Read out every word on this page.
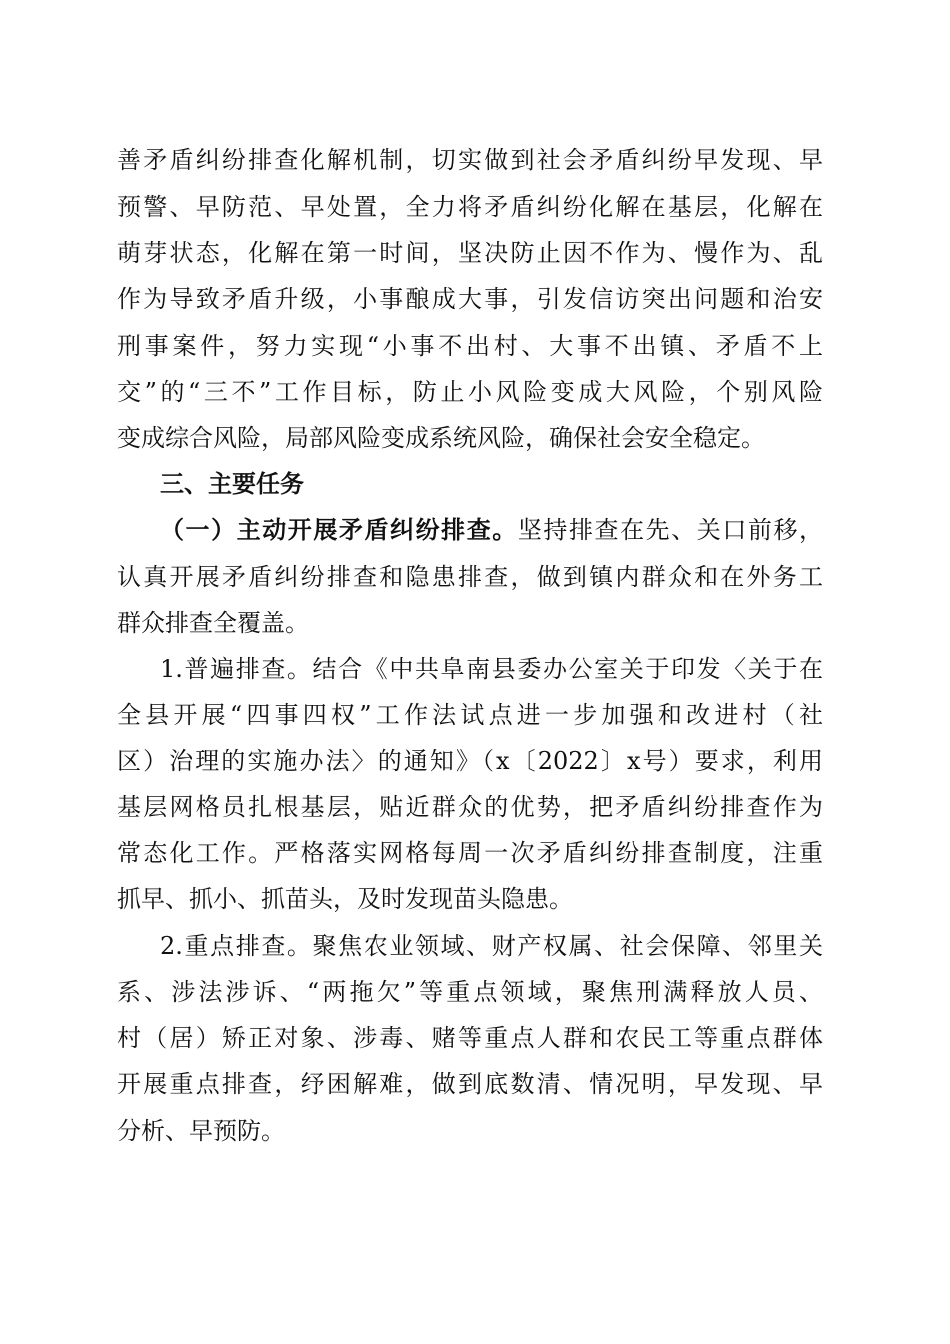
善矛盾纠纷排查化解机制，切实做到社会矛盾纠纷早发现、早
预警、早防范、早处置，全力将矛盾纠纷化解在基层，化解在
萌芽状态，化解在第一时间，坚决防止因不作为、慢作为、乱
作为导致矛盾升级，小事酿成大事，引发信访突出问题和治安
刑事案件，努力实现“小事不出村、大事不出镇、矛盾不上
交”的“三不”工作目标，防止小风险变成大风险，个别风险
变成综合风险，局部风险变成系统风险，确保社会安全稳定。
三、主要任务
（一）主动开展矛盾纠纷排查。坚持排查在先、关口前移，
认真开展矛盾纠纷排查和隐患排查，做到镇内群众和在外务工
群众排查全覆盖。
1.普遍排查。结合《中共阜南县委办公室关于印发〈关于在
全县开展“四事四权”工作法试点进一步加强和改进村（社
区）治理的实施办法〉的通知》（x〔2022〕x号）要求，利用
基层网格员扎根基层，贴近群众的优势，把矛盾纠纷排查作为
常态化工作。严格落实网格每周一次矛盾纠纷排查制度，注重
抓早、抓小、抓苗头，及时发现苗头隐患。
2.重点排查。聚焦农业领域、财产权属、社会保障、邻里关
系、涉法涉诉、“两拖欠”等重点领域，聚焦刑满释放人员、
村（居）矫正对象、涉毒、赌等重点人群和农民工等重点群体
开展重点排查，纾困解难，做到底数清、情况明，早发现、早
分析、早预防。
